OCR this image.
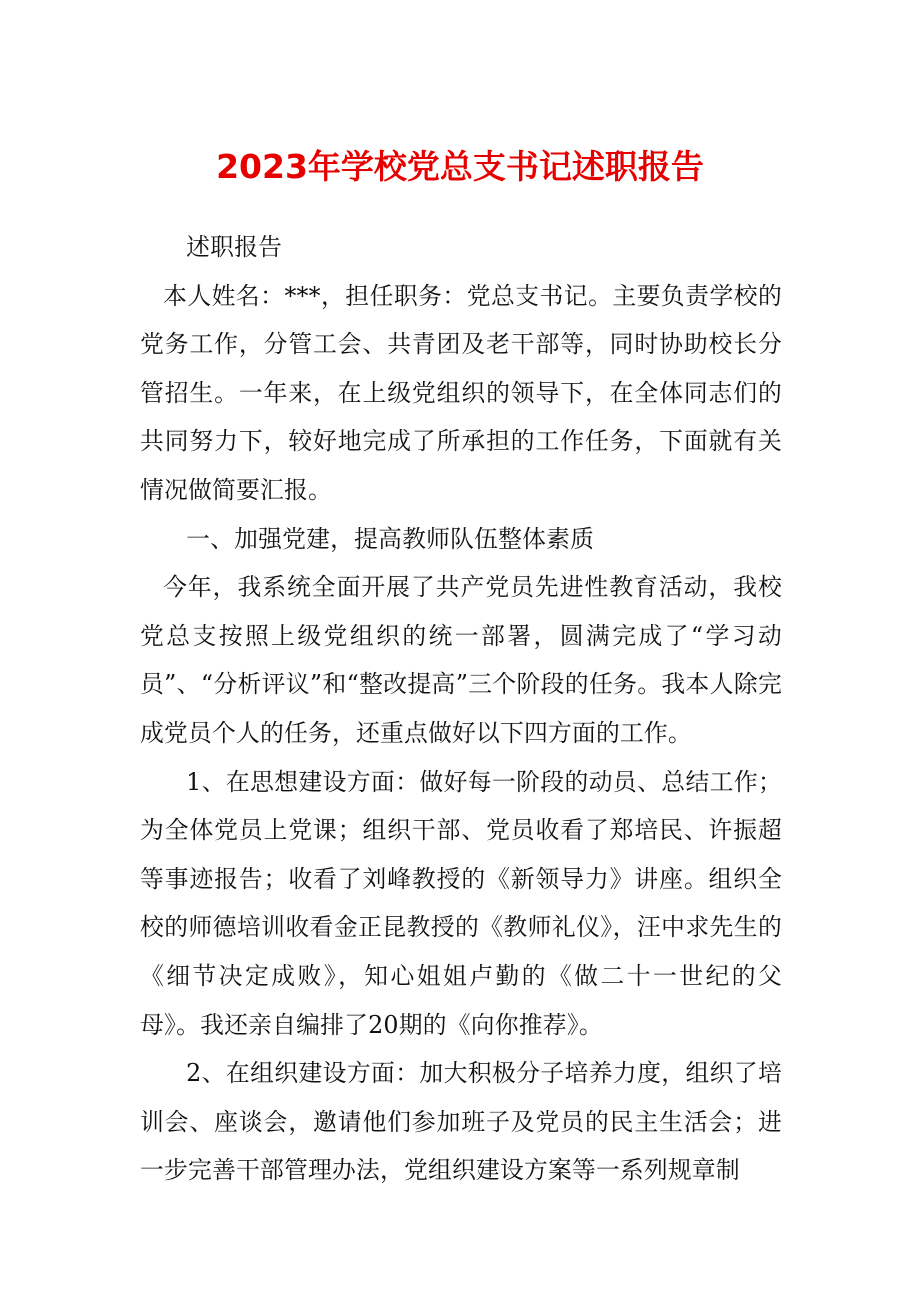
2023年学校党总支书记述职报告

述职报告

本人姓名：***，担任职务：党总支书记。主要负责学校的党务工作，分管工会、共青团及老干部等，同时协助校长分管招生。一年来，在上级党组织的领导下，在全体同志们的共同努力下，较好地完成了所承担的工作任务，下面就有关情况做简要汇报。

一、加强党建，提高教师队伍整体素质

今年，我系统全面开展了共产党员先进性教育活动，我校党总支按照上级党组织的统一部署，圆满完成了“学习动员”、“分析评议”和“整改提高”三个阶段的任务。我本人除完成党员个人的任务，还重点做好以下四方面的工作。

1、在思想建设方面：做好每一阶段的动员、总结工作；为全体党员上党课；组织干部、党员收看了郑培民、许振超等事迹报告；收看了刘峰教授的《新领导力》讲座。组织全校的师德培训收看金正昆教授的《教师礼仪》，汪中求先生的《细节决定成败》，知心姐姐卢勤的《做二十一世纪的父母》。我还亲自编排了20期的《向你推荐》。

2、在组织建设方面：加大积极分子培养力度，组织了培训会、座谈会，邀请他们参加班子及党员的民主生活会；进一步完善干部管理办法，党组织建设方案等一系列规章制
